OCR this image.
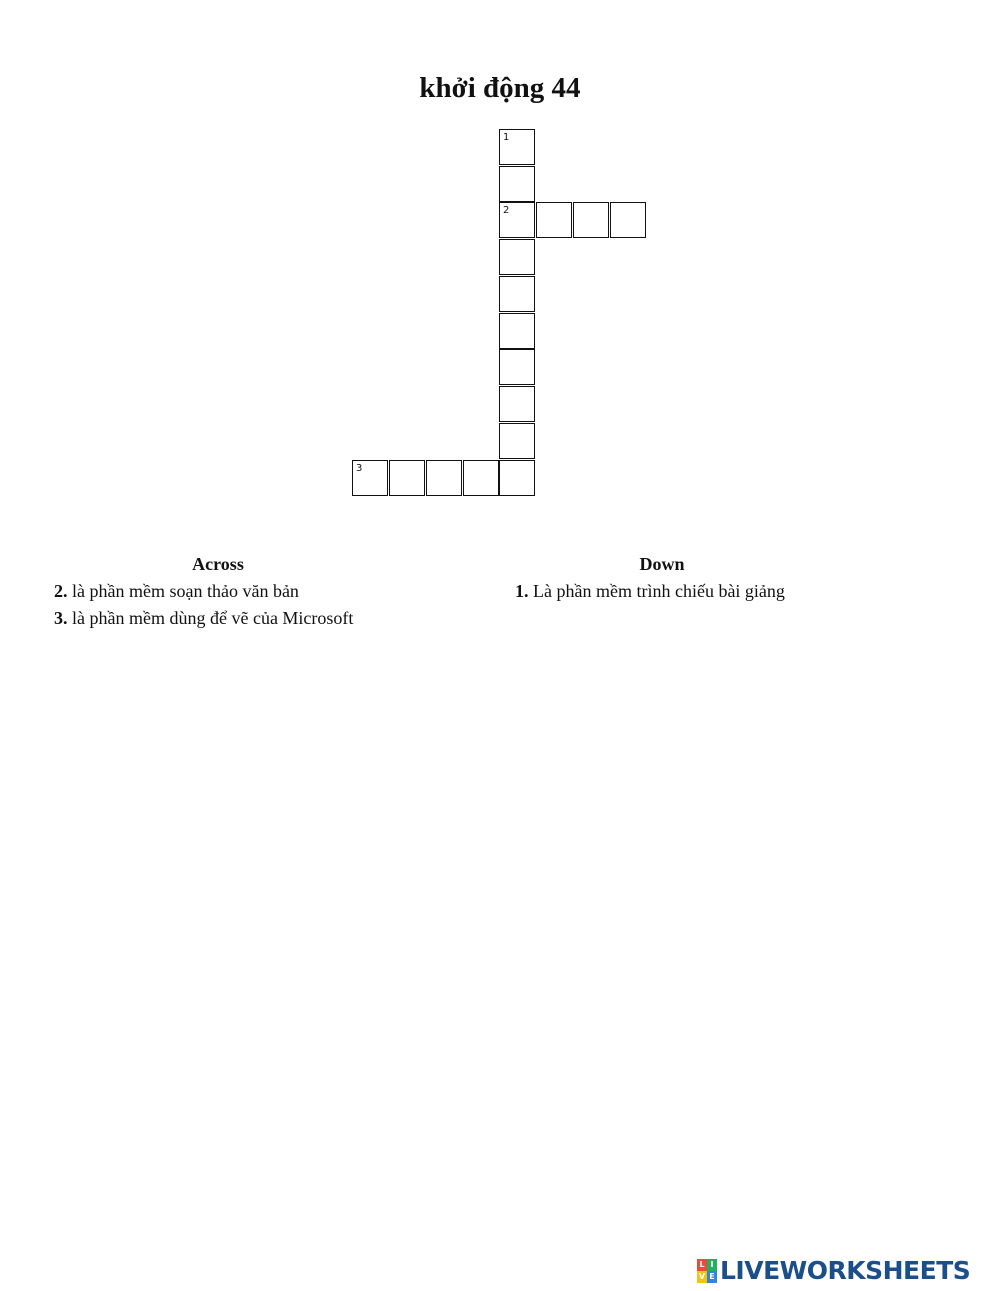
khởi động 44
1
2
3
Across	Down
2. là phần mềm soạn thảo văn bản
3. là phần mềm dùng để vẽ của Microsoft
1. Là phần mềm trình chiếu bài giảng
L I
V E LIVEWORKSHEETS
